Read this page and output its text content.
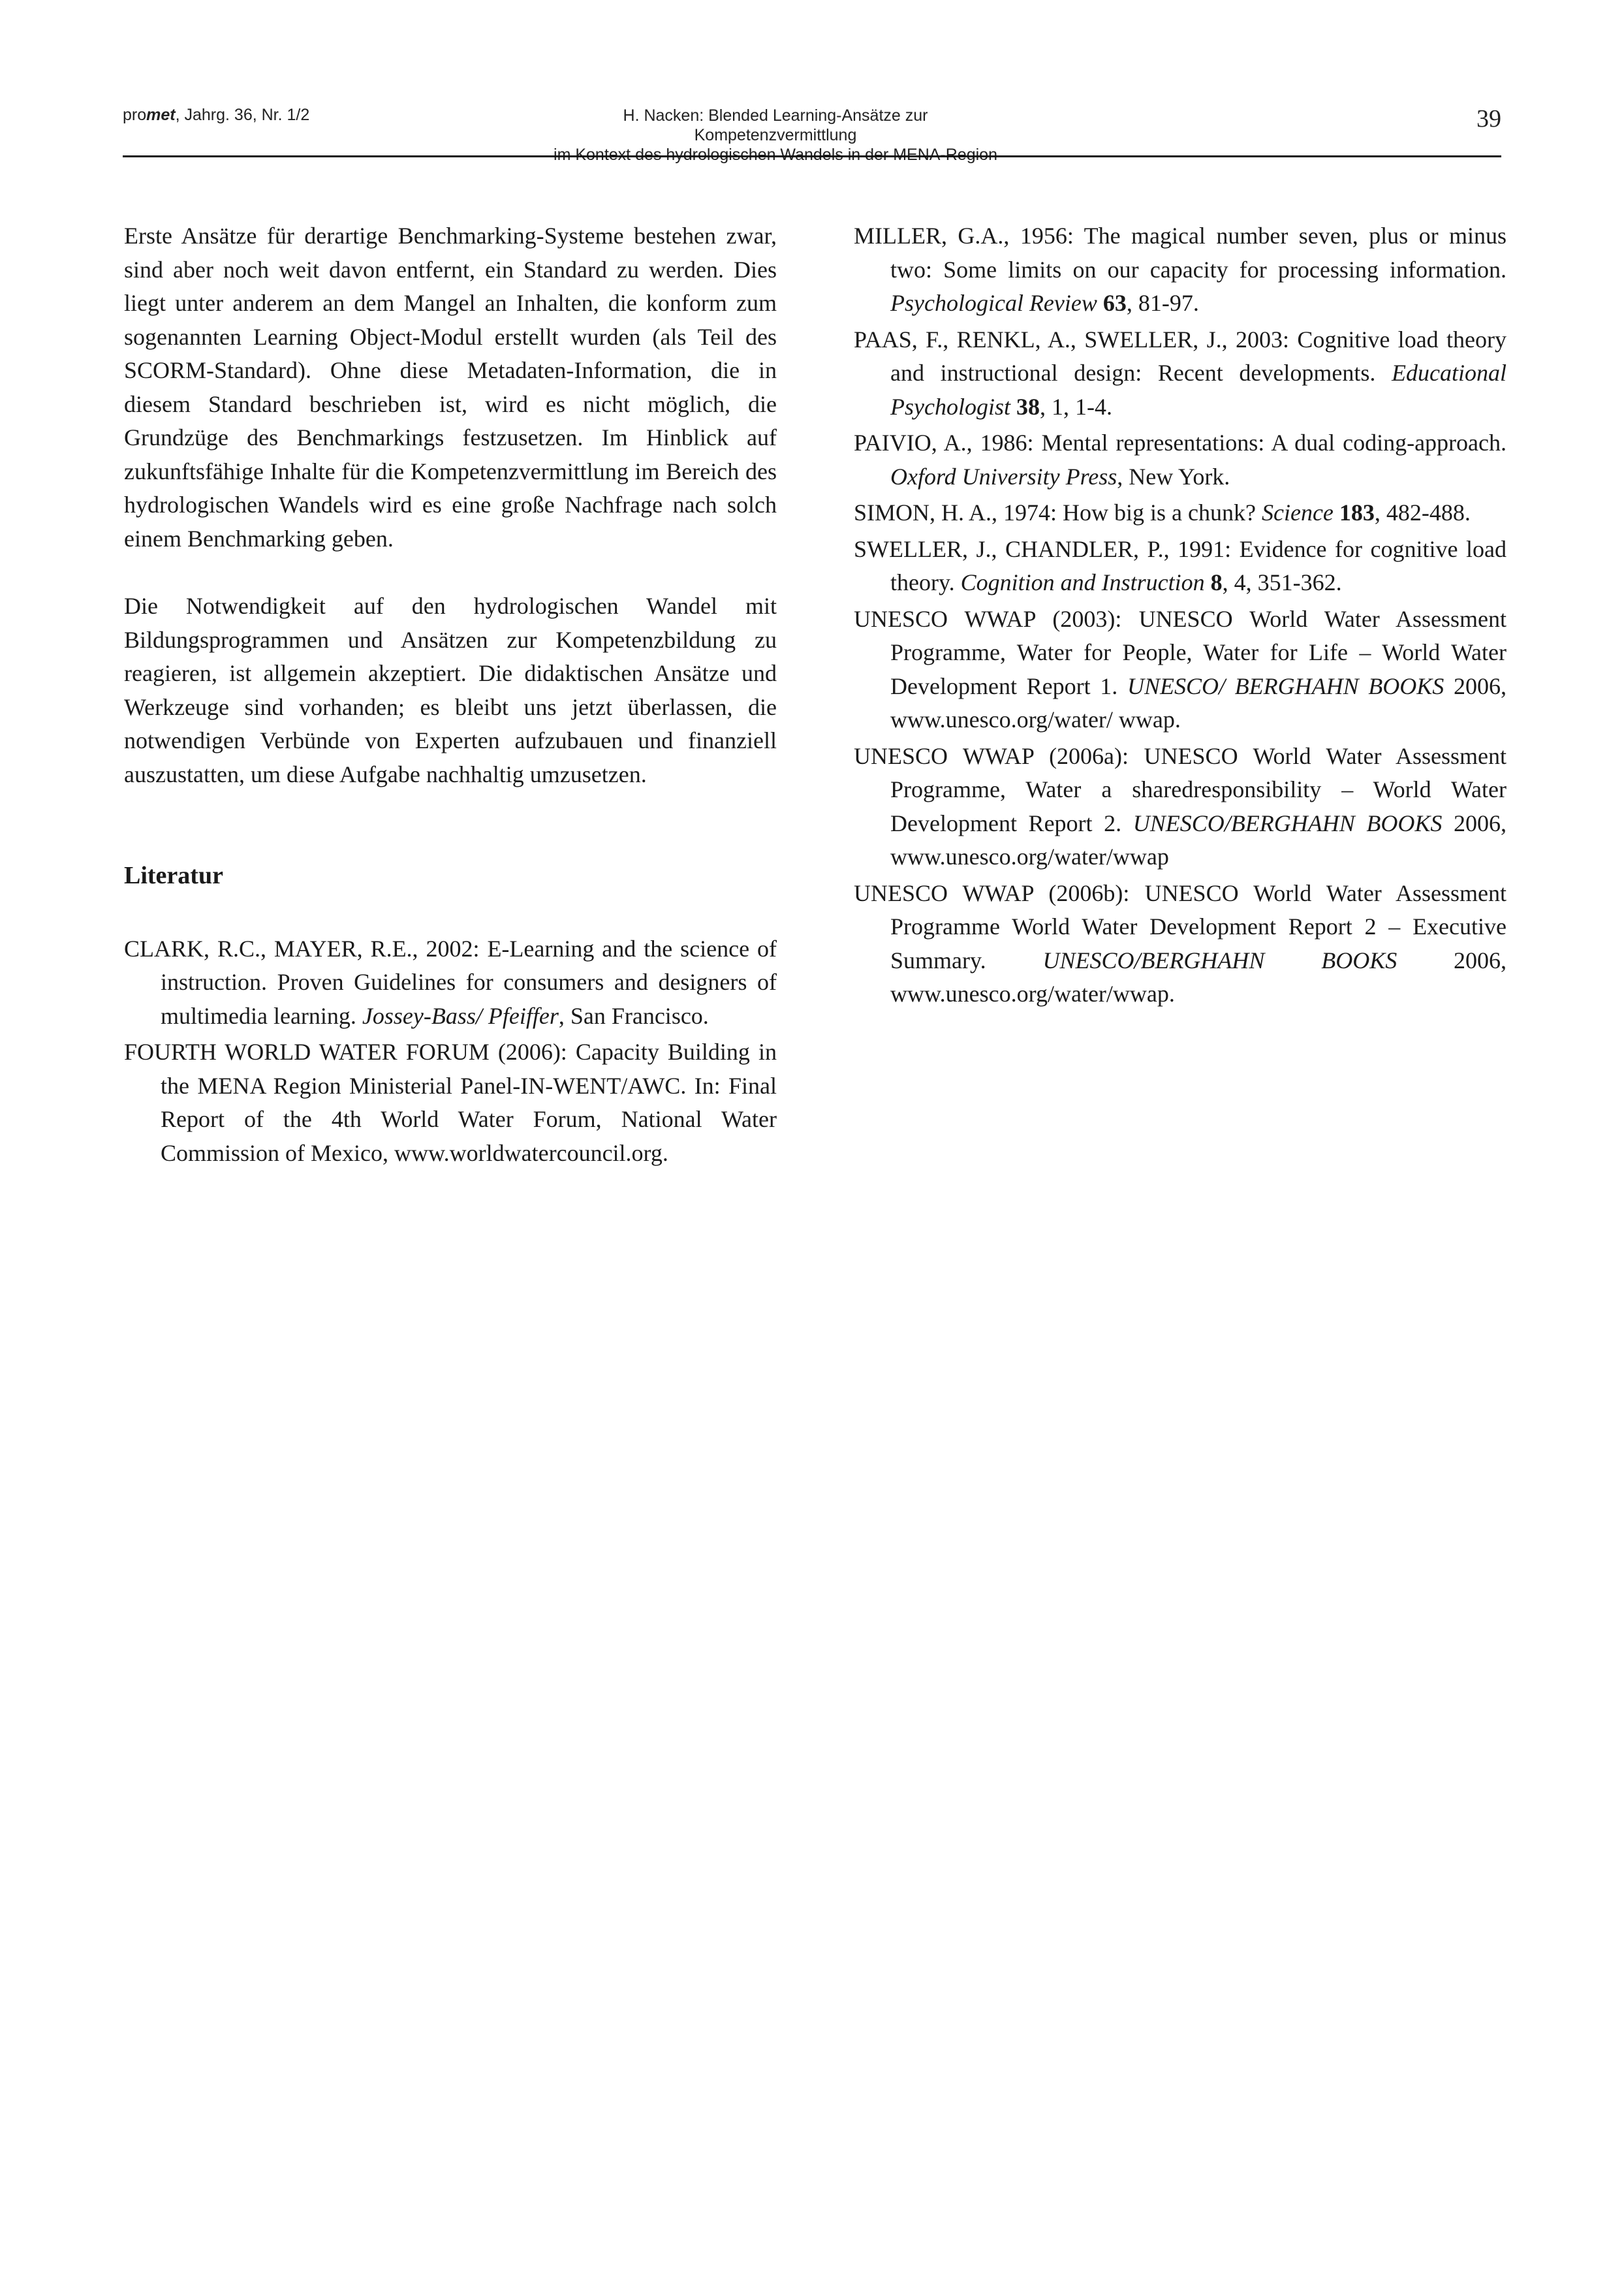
promet, Jahrg. 36, Nr. 1/2	H. Nacken: Blended Learning-Ansätze zur Kompetenzvermittlung
im Kontext des hydrologischen Wandels in der MENA-Region
39

Erste Ansätze für derartige Benchmarking-Systeme bestehen zwar, sind aber noch weit davon entfernt, ein Standard zu werden. Dies liegt unter anderem an dem Mangel an Inhalten, die konform zum sogenannten Learning Object-Modul erstellt wurden (als Teil des SCORM-Standard). Ohne diese Metadaten-Information, die in diesem Standard beschrieben ist, wird es nicht möglich, die Grundzüge des Benchmarkings festzusetzen. Im Hinblick auf zukunftsfähige Inhalte für die Kompetenzvermittlung im Bereich des hydrologischen Wandels wird es eine große Nachfrage nach solch einem Benchmarking geben.

Die Notwendigkeit auf den hydrologischen Wandel mit Bildungsprogrammen und Ansätzen zur Kompetenzbildung zu reagieren, ist allgemein akzeptiert. Die didaktischen Ansätze und Werkzeuge sind vorhanden; es bleibt uns jetzt überlassen, die notwendigen Verbünde von Experten aufzubauen und finanziell auszustatten, um diese Aufgabe nachhaltig umzusetzen.

Literatur

CLARK, R.C., MAYER, R.E., 2002: E-Learning and the science of instruction. Proven Guidelines for consumers and designers of multimedia learning. Jossey-Bass/ Pfeiffer, San Francisco.
FOURTH WORLD WATER FORUM (2006): Capacity Building in the MENA Region Ministerial Panel-IN-WENT/AWC. In: Final Report of the 4th World Water Forum, National Water Commission of Mexico, www.worldwatercouncil.org.
MILLER, G.A., 1956: The magical number seven, plus or minus two: Some limits on our capacity for processing information. Psychological Review 63, 81-97.
PAAS, F., RENKL, A., SWELLER, J., 2003: Cognitive load theory and instructional design: Recent developments. Educational Psychologist 38, 1, 1-4.
PAIVIO, A., 1986: Mental representations: A dual coding-approach. Oxford University Press, New York.
SIMON, H. A., 1974: How big is a chunk? Science 183, 482-488.
SWELLER, J., CHANDLER, P., 1991: Evidence for cognitive load theory. Cognition and Instruction 8, 4, 351-362.
UNESCO WWAP (2003): UNESCO World Water Assessment Programme, Water for People, Water for Life – World Water Development Report 1. UNESCO/ BERGHAHN BOOKS 2006, www.unesco.org/water/ wwap.
UNESCO WWAP (2006a): UNESCO World Water Assessment Programme, Water a sharedresponsibility – World Water Development Report 2. UNESCO/BERGHAHN BOOKS 2006, www.unesco.org/water/wwap
UNESCO WWAP (2006b): UNESCO World Water Assessment Programme World Water Development Report 2 – Executive Summary. UNESCO/BERGHAHN BOOKS 2006, www.unesco.org/water/wwap.
